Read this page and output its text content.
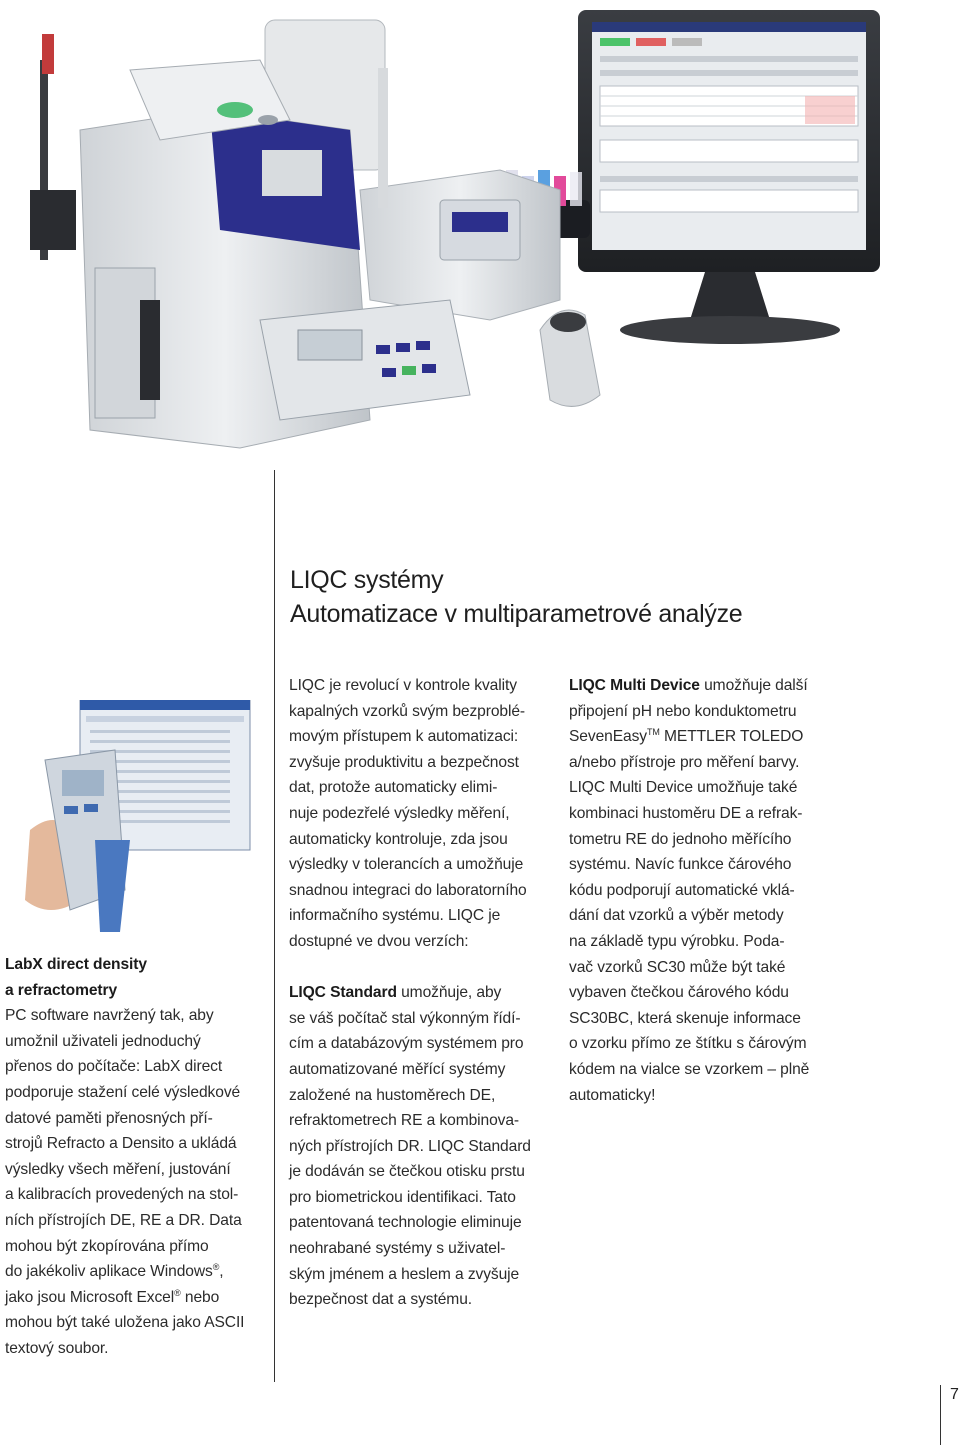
LIQC systémy
Automatizace v multiparametrové analýze

LabX direct density

a refractometry

PC software navržený tak, aby

umožnil uživateli jednoduchý

přenos do počítače: LabX direct

podporuje stažení celé výsledkové

datové paměti přenosných pří-

strojů Refracto a Densito a ukládá

výsledky všech měření, justování

a kalibracích provedených na stol-

ních přístrojích DE, RE a DR. Data

mohou být zkopírována přímo

do jakékoliv aplikace Windows®,

jako jsou Microsoft Excel® nebo

mohou být také uložena jako ASCII

textový soubor.

LIQC je revolucí v kontrole kvality

kapalných vzorků svým bezproblé-

movým přístupem k automatizaci:

zvyšuje produktivitu a bezpečnost

dat, protože automaticky elimi-

nuje podezřelé výsledky měření,

automaticky kontroluje, zda jsou

výsledky v tolerancích a umožňuje

snadnou integraci do laboratorního

informačního systému. LIQC je

dostupné ve dvou verzích:

LIQC Standard umožňuje, aby

se váš počítač stal výkonným řídí-

cím a databázovým systémem pro

automatizované měřící systémy

založené na hustoměrech DE,

refraktometrech RE a kombinova-

ných přístrojích DR. LIQC Standard

je dodáván se čtečkou otisku prstu

pro biometrickou identifikaci. Tato

patentovaná technologie eliminuje

neohrabané systémy s uživatel-

ským jménem a heslem a zvyšuje

bezpečnost dat a systému.

LIQC Multi Device umožňuje další

připojení pH nebo konduktometru

SevenEasy™ METTLER TOLEDO

a/nebo přístroje pro měření barvy.

LIQC Multi Device umožňuje také

kombinaci hustoměru DE a refrak-

tometru RE do jednoho měřícího

systému. Navíc funkce čárového

kódu podporují automatické vklá-

dání dat vzorků a výběr metody

na základě typu výrobku. Poda-

vač vzorků SC30 může být také

vybaven čtečkou čárového kódu

SC30BC, která skenuje informace

o vzorku přímo ze štítku s čárovým

kódem na vialce se vzorkem – plně

automaticky!

7
